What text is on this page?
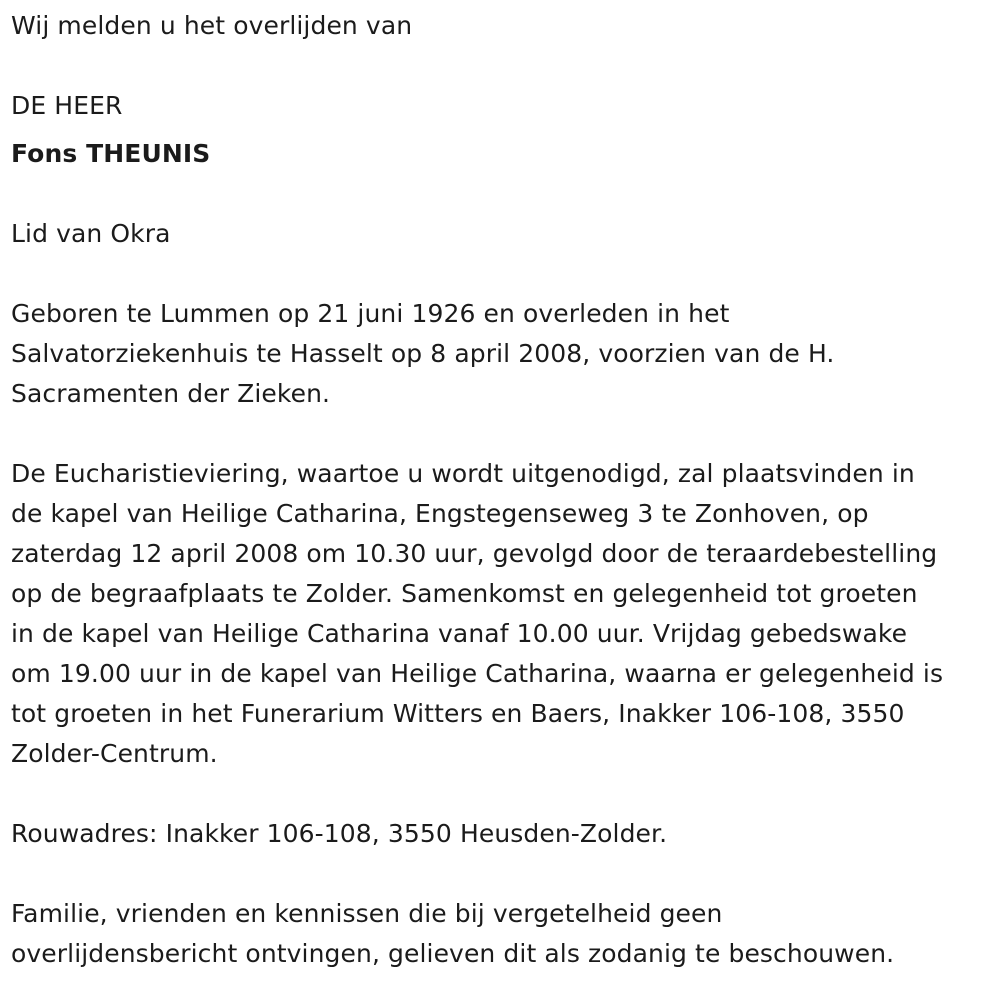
Wij melden u het overlijden van

DE HEER

Fons THEUNIS

Lid van Okra

Geboren te Lummen op 21 juni 1926 en overleden in het

Salvatorziekenhuis te Hasselt op 8 april 2008, voorzien van de H.

Sacramenten der Zieken.

De Eucharistieviering, waartoe u wordt uitgenodigd, zal plaatsvinden in

de kapel van Heilige Catharina, Engstegenseweg 3 te Zonhoven, op

zaterdag 12 april 2008 om 10.30 uur, gevolgd door de teraardebestelling

op de begraafplaats te Zolder. Samenkomst en gelegenheid tot groeten

in de kapel van Heilige Catharina vanaf 10.00 uur. Vrijdag gebedswake

om 19.00 uur in de kapel van Heilige Catharina, waarna er gelegenheid is

tot groeten in het Funerarium Witters en Baers, Inakker 106-108, 3550

Zolder-Centrum.

Rouwadres: Inakker 106-108, 3550 Heusden-Zolder.

Familie, vrienden en kennissen die bij vergetelheid geen

overlijdensbericht ontvingen, gelieven dit als zodanig te beschouwen.
